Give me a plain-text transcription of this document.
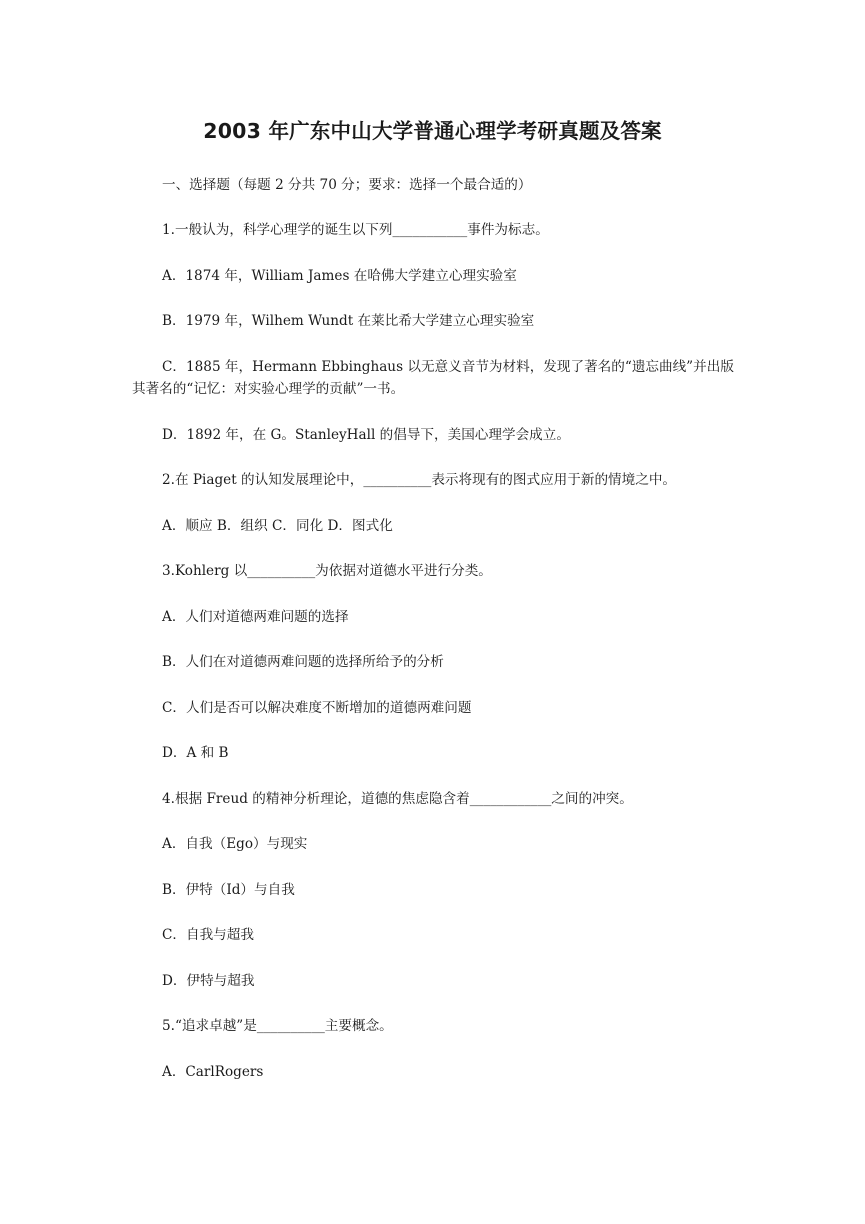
2003 年广东中山大学普通心理学考研真题及答案

一、选择题（每题 2 分共 70 分；要求：选择一个最合适的）

1.一般认为，科学心理学的诞生以下列___________事件为标志。

A．1874 年，William James 在哈佛大学建立心理实验室

B．1979 年，Wilhem Wundt 在莱比希大学建立心理实验室

C．1885 年，Hermann Ebbinghaus 以无意义音节为材料，发现了著名的“遗忘曲线”并出版其著名的“记忆：对实验心理学的贡献”一书。

D．1892 年，在 G。StanleyHall 的倡导下，美国心理学会成立。

2.在 Piaget 的认知发展理论中，__________表示将现有的图式应用于新的情境之中。

A．顺应 B．组织 C．同化 D．图式化

3.Kohlerg 以__________为依据对道德水平进行分类。

A．人们对道德两难问题的选择

B．人们在对道德两难问题的选择所给予的分析

C．人们是否可以解决难度不断增加的道德两难问题

D．A 和 B

4.根据 Freud 的精神分析理论，道德的焦虑隐含着____________之间的冲突。

A．自我（Ego）与现实

B．伊特（Id）与自我

C．自我与超我

D．伊特与超我

5.“追求卓越”是__________主要概念。

A．CarlRogers
